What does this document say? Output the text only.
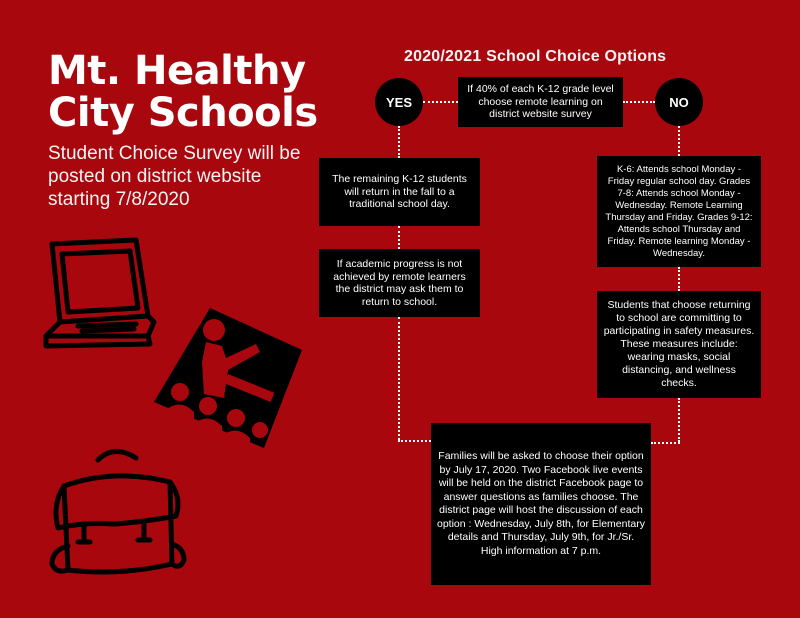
Mt. Healthy
City Schools

Student Choice Survey will be posted on district website starting 7/8/2020

2020/2021 School Choice Options
YES	NO

If 40% of each K-12 grade level choose remote learning on district website survey

The remaining K-12 students will return in the fall to a traditional school day.

If academic progress is not achieved by remote learners the district may ask them to return to school.

K-6: Attends school Monday - Friday regular school day. Grades 7-8: Attends school Monday - Wednesday. Remote Learning Thursday and Friday. Grades 9-12: Attends school Thursday and Friday. Remote learning Monday - Wednesday.

Students that choose returning to school are committing to participating in safety measures. These measures include: wearing masks, social distancing, and wellness checks.

Families will be asked to choose their option by July 17, 2020. Two Facebook live events will be held on the district Facebook page to answer questions as families choose. The district page will host the discussion of each option : Wednesday, July 8th, for Elementary details and Thursday, July 9th, for Jr./Sr. High information at 7 p.m.
